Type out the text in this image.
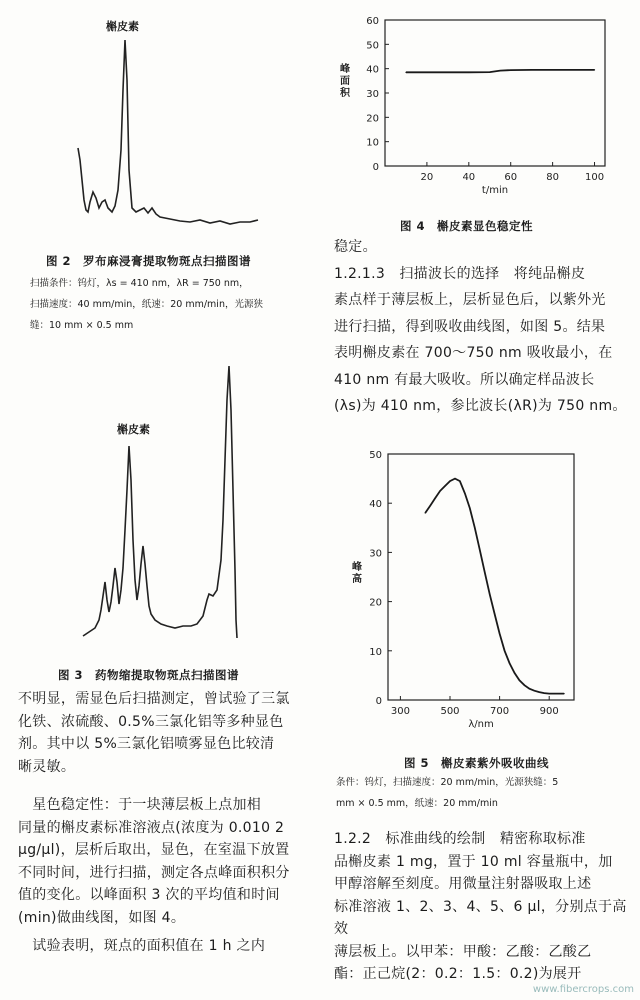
槲皮素
图 2　罗布麻浸膏提取物斑点扫描图谱
扫描条件：钨灯，λs = 410 nm，λR = 750 nm，
扫描速度：40 mm/min，纸速：20 mm/min，光源狭
缝：10 mm × 0.5 mm
槲皮素
图 3　药物缩提取物斑点扫描图谱
不明显，需显色后扫描测定，曾试验了三氯
化铁、浓硫酸、0.5%三氯化铝等多种显色
剂。其中以 5%三氯化铝喷雾显色比较清
晰灵敏。
　星色稳定性：于一块薄层板上点加相
同量的槲皮素标准溶液点(浓度为 0.010 2
μg/μl)，层析后取出，显色，在室温下放置
不同时间，进行扫描，测定各点峰面积积分
值的变化。以峰面积 3 次的平均值和时间
(min)做曲线图，如图 4。
　试验表明，斑点的面积值在 1 h 之内
0
10
20
30
40
50
60
20	40	60	80	100
t/min
峰面积
图 4　槲皮素显色稳定性
稳定。
1.2.1.3　扫描波长的选择　将纯品槲皮
素点样于薄层板上，层析显色后，以紫外光
进行扫描，得到吸收曲线图，如图 5。结果
表明槲皮素在 700～750 nm 吸收最小，在
410 nm 有最大吸收。所以确定样品波长
(λs)为 410 nm，参比波长(λR)为 750 nm。
0
10
20
30
40
50
300	500	700	900
λ/nm
峰高
图 5　槲皮素紫外吸收曲线
条件：钨灯，扫描速度：20 mm/min，光源狭缝：5
mm × 0.5 mm，纸速：20 mm/min
1.2.2　标准曲线的绘制　精密称取标准
品槲皮素 1 mg，置于 10 ml 容量瓶中，加
甲醇溶解至刻度。用微量注射器吸取上述
标准溶液 1、2、3、4、5、6 μl，分别点于高效
薄层板上。以甲苯：甲酸：乙酸：乙酸乙
酯：正己烷(2：0.2：1.5：0.2)为展开
www.fibercrops.com
